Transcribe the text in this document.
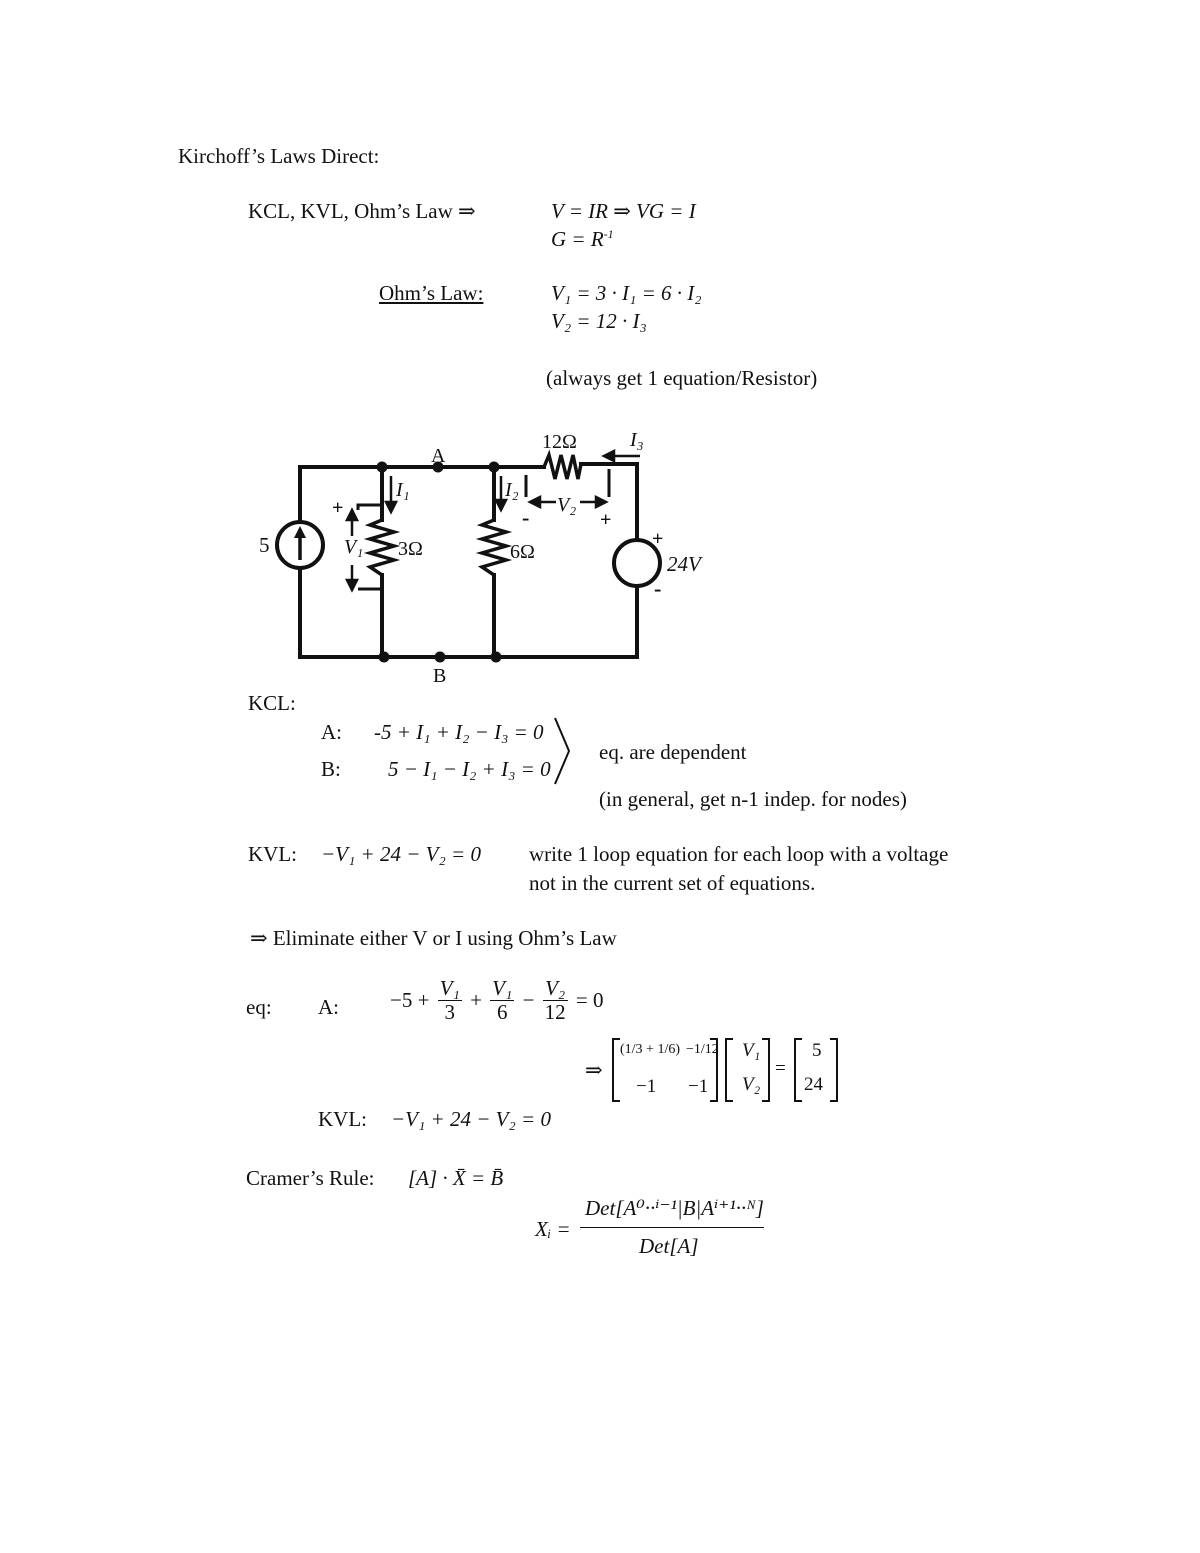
Kirchoff’s Laws Direct:
KCL, KVL, Ohm’s Law ⇒	V = IR ⇒ VG = I
$G = R^{-1}$
Ohm’s Law:	V₁ = 3 · I₁ = 6 · I₂
V₂ = 12 · I₃
(always get 1 equation/Resistor)
5
A
B
12Ω
3Ω	6Ω
I₁	I₂
I₃
V₁
V₂
24V
+
+
-
+
-
KCL:
A: -5 + I₁ + I₂ − I₃ = 0
B: 5 − I₁ − I₂ + I₃ = 0
eq. are dependent
(in general, get n-1 indep. for nodes)
KVL: −V₁ + 24 − V₂ = 0 write 1 loop equation for each loop with a voltage
not in the current set of equations.
⇒ Eliminate either V or I using Ohm’s Law
eq: A: $-5 + \frac{\text{V₁}}{3} + \frac{\text{V₁}}{6} - \frac{\text{V₂}}{12} = 0$
⇒
(1/3 + 1/6) −1/12
−1 −1
V₁
V₂
=
5
24
KVL: −V₁ + 24 − V₂ = 0
Cramer’s Rule: [A] · X̄ = B̄
Xᵢ =
Det[A⁰··ⁱ⁻¹|B|Aⁱ⁺¹··ᴺ]
Det[A]
